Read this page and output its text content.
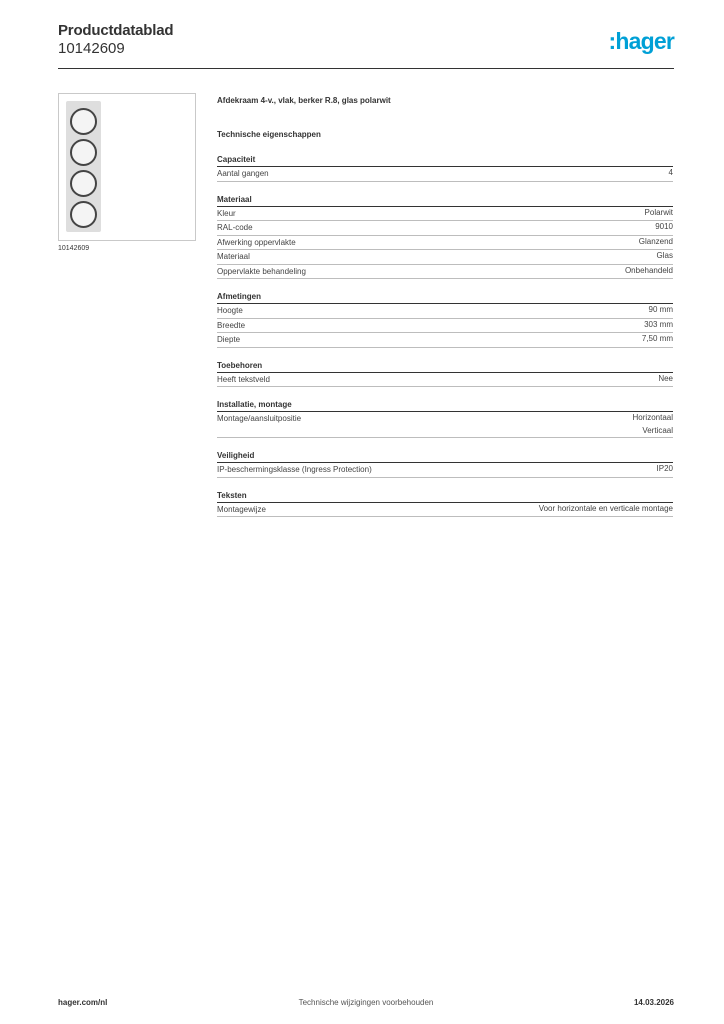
Productdatablad
10142609	:hager
10142609
Afdekraam 4-v., vlak, berker R.8, glas polarwit
Technische eigenschappen
Capaciteit
Aantal gangen	4
Materiaal
Kleur	Polarwit
RAL-code	9010
Afwerking oppervlakte	Glanzend
Materiaal	Glas
Oppervlakte behandeling	Onbehandeld
Afmetingen
Hoogte	90 mm
Breedte	303 mm
Diepte	7,50 mm
Toebehoren
Heeft tekstveld	Nee
Installatie, montage
Montage/aansluitpositie	Horizontaal
Verticaal
Veiligheid
IP-beschermingsklasse (Ingress Protection)	IP20
Teksten
Montagewijze	Voor horizontale en verticale montage
hager.com/nl	Technische wijzigingen voorbehouden	14.03.2026
